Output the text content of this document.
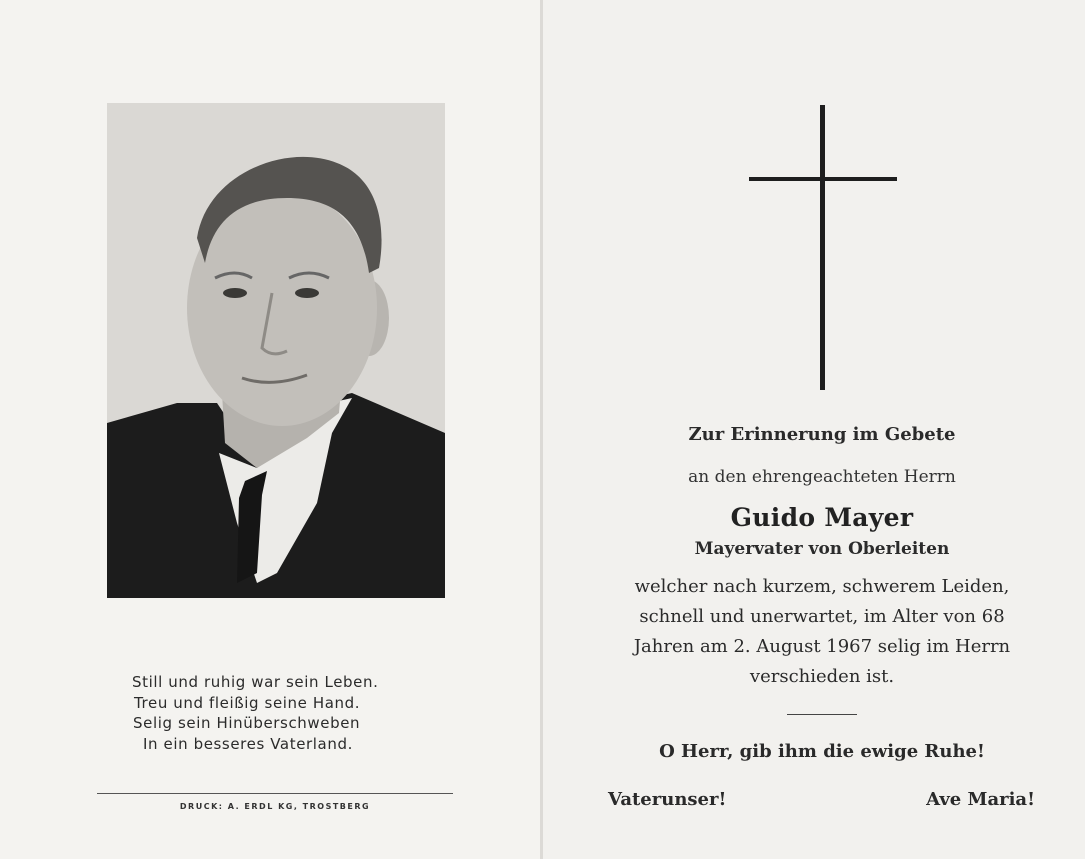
Still und ruhig war sein Leben.
Treu und fleißig seine Hand.
Selig sein Hinüberschweben
In ein besseres Vaterland.
DRUCK: A. ERDL KG, TROSTBERG
Zur Erinnerung im Gebete
an den ehrengeachteten Herrn
Guido Mayer
Mayervater von Oberleiten
welcher nach kurzem, schwerem Leiden,
schnell und unerwartet, im Alter von 68
Jahren am 2. August 1967 selig im Herrn
verschieden ist.
O Herr, gib ihm die ewige Ruhe!
Vaterunser!	Ave Maria!
